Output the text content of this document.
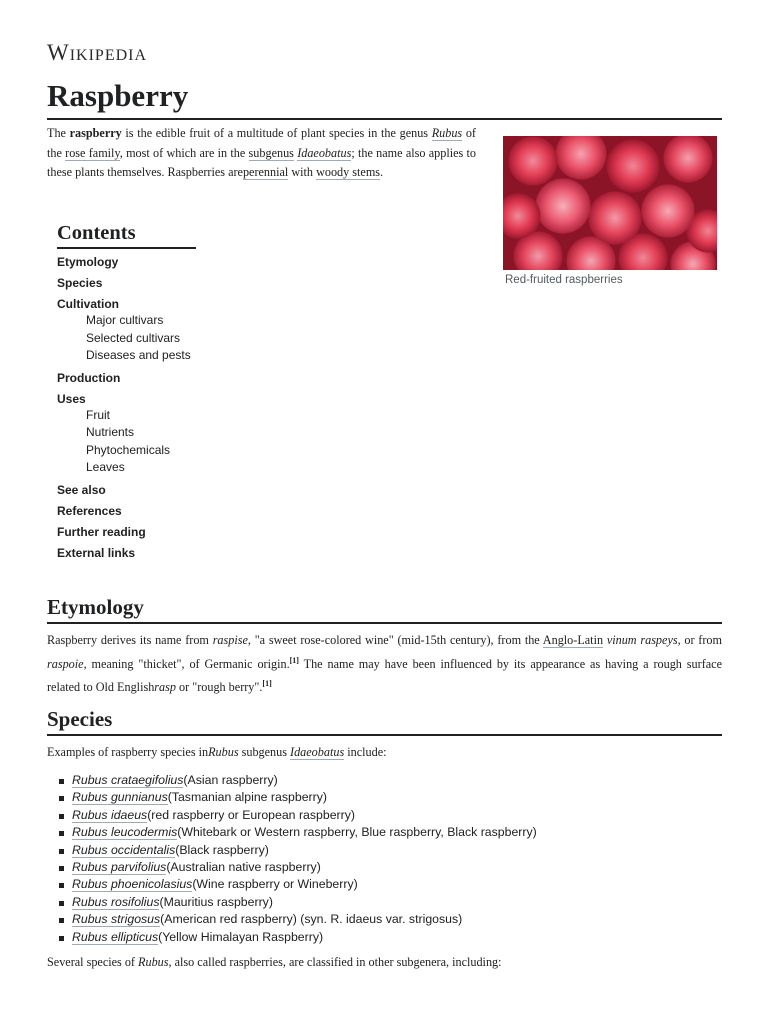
Wikipedia
Raspberry
The raspberry is the edible fruit of a multitude of plant species in the genus Rubus of the rose family, most of which are in the subgenus Idaeobatus; the name also applies to these plants themselves. Raspberries areperennial with woody stems.
Red-fruited raspberries
Contents
Etymology
Species
Cultivation
Major cultivars
Selected cultivars
Diseases and pests
Production
Uses
Fruit
Nutrients
Phytochemicals
Leaves
See also
References
Further reading
External links
Etymology
Raspberry derives its name from raspise, "a sweet rose-colored wine" (mid-15th century), from the Anglo-Latin vinum raspeys, or from raspoie, meaning "thicket", of Germanic origin.[1] The name may have been influenced by its appearance as having a rough surface related to Old Englishrasp or "rough berry".[1]
Species
Examples of raspberry species inRubus subgenus Idaeobatus include:
Rubus crataegifolius(Asian raspberry)
Rubus gunnianus(Tasmanian alpine raspberry)
Rubus idaeus(red raspberry or European raspberry)
Rubus leucodermis(Whitebark or Western raspberry, Blue raspberry, Black raspberry)
Rubus occidentalis(Black raspberry)
Rubus parvifolius(Australian native raspberry)
Rubus phoenicolasius(Wine raspberry or Wineberry)
Rubus rosifolius(Mauritius raspberry)
Rubus strigosus(American red raspberry) (syn. R. idaeus var. strigosus)
Rubus ellipticus(Yellow Himalayan Raspberry)
Several species of Rubus, also called raspberries, are classified in other subgenera, including:
